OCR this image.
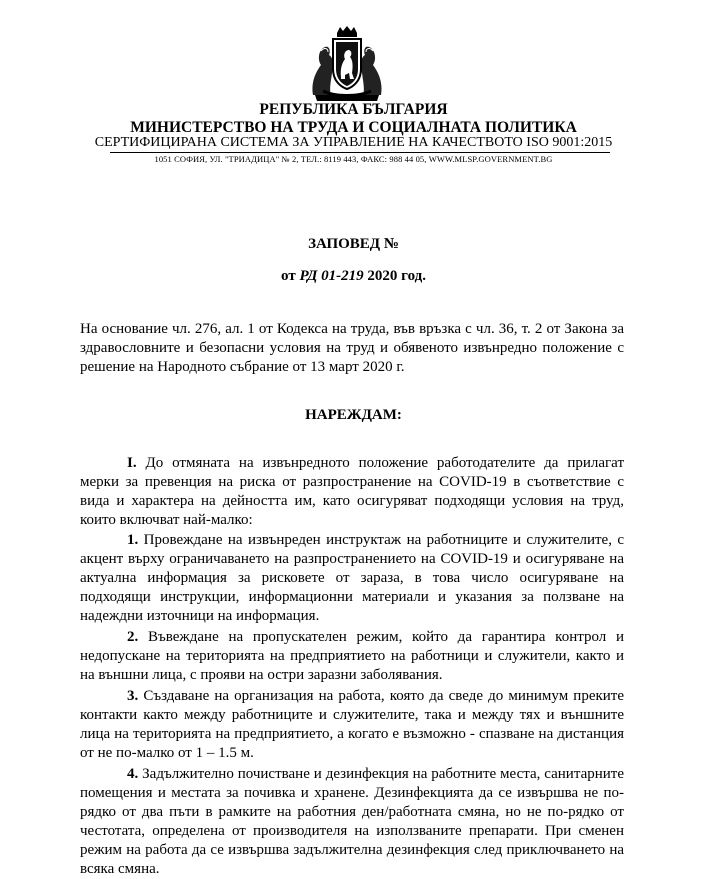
РЕПУБЛИКА БЪЛГАРИЯ
МИНИСТЕРСТВО НА ТРУДА И СОЦИАЛНАТА ПОЛИТИКА
СЕРТИФИЦИРАНА СИСТЕМА ЗА УПРАВЛЕНИЕ НА КАЧЕСТВОТО ISO 9001:2015
1051 СОФИЯ, УЛ. "ТРИАДИЦА" № 2, ТЕЛ.: 8119 443, ФАКС: 988 44 05, WWW.MLSP.GOVERNMENT.BG
ЗАПОВЕД №
от РД 01-219 2020 год.
На основание чл. 276, ал. 1 от Кодекса на труда, във връзка с чл. 36, т. 2 от Закона за здравословните и безопасни условия на труд и обявеното извънредно положение с решение на Народното събрание от 13 март 2020 г.
НАРЕЖДАМ:
I. До отмяната на извънредното положение работодателите да прилагат мерки за превенция на риска от разпространение на COVID-19 в съответствие с вида и характера на дейността им, като осигуряват подходящи условия на труд, които включват най-малко:
1. Провеждане на извънреден инструктаж на работниците и служителите, с акцент върху ограничаването на разпространението на COVID-19 и осигуряване на актуална информация за рисковете от зараза, в това число осигуряване на подходящи инструкции, информационни материали и указания за ползване на надеждни източници на информация.
2. Въвеждане на пропускателен режим, който да гарантира контрол и недопускане на територията на предприятието на работници и служители, както и на външни лица, с прояви на остри заразни заболявания.
3. Създаване на организация на работа, която да сведе до минимум преките контакти както между работниците и служителите, така и между тях и външните лица на територията на предприятието, а когато е възможно - спазване на дистанция от не по-малко от 1 – 1.5 м.
4. Задължително почистване и дезинфекция на работните места, санитарните помещения и местата за почивка и хранене. Дезинфекцията да се извършва не по-рядко от два пъти в рамките на работния ден/работната смяна, но не по-рядко от честотата, определена от производителя на използваните препарати. При сменен режим на работа да се извършва задължителна дезинфекция след приключването на всяка смяна.
